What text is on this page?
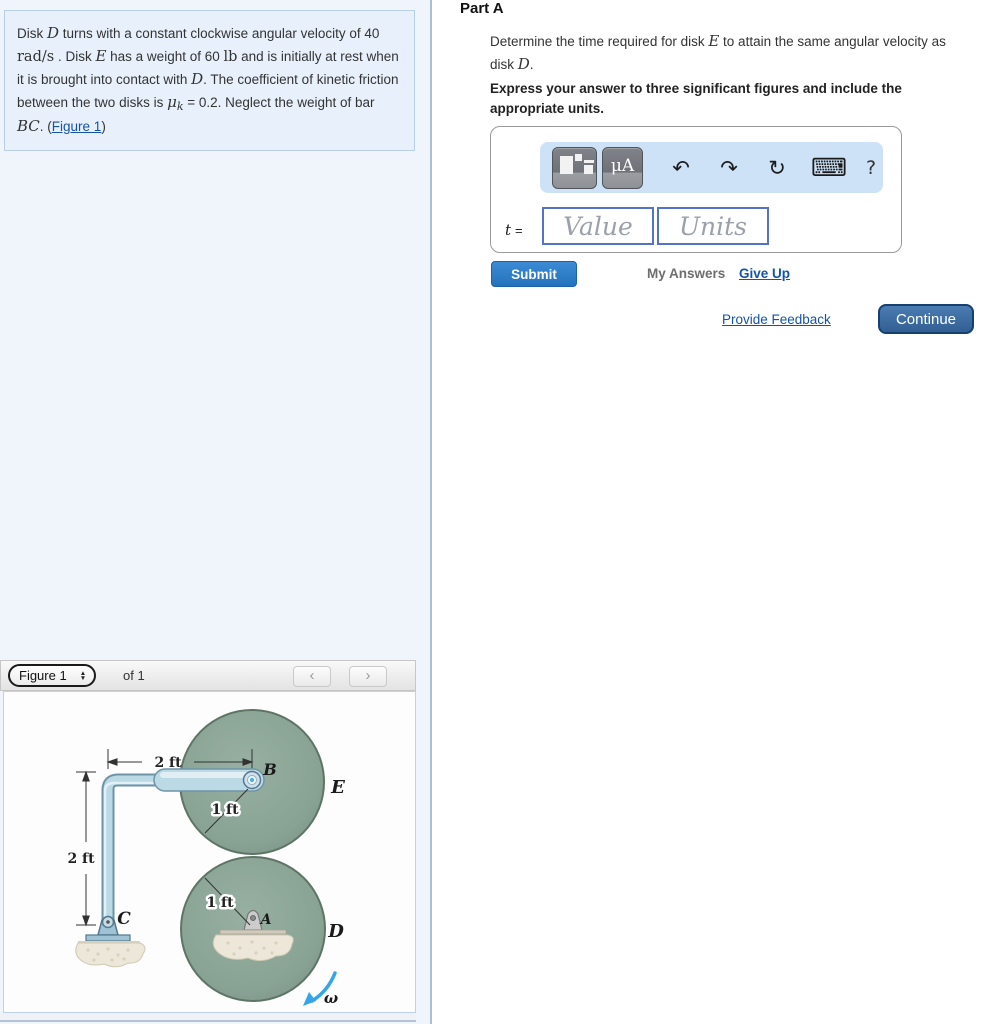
Disk D turns with a constant clockwise angular velocity of 40 rad/s . Disk E has a weight of 60 lb and is initially at rest when it is brought into contact with D. The coefficient of kinetic friction between the two disks is $\mu_k = 0.2$. Neglect the weight of bar BC. (Figure 1)
Figure 1 ▲
▼	of 1	‹	›
2 ft
2 ft
1 ft
1 ft
B
E
C	A
D
ω
Part A
Determine the time required for disk E to attain the same angular velocity as disk D.
Express your answer to three significant figures and include the appropriate units.
μA ↶ ↷ ↻ ⌨ ?
t =
Value
Units
Submit	My Answers Give Up
Provide Feedback	Continue
